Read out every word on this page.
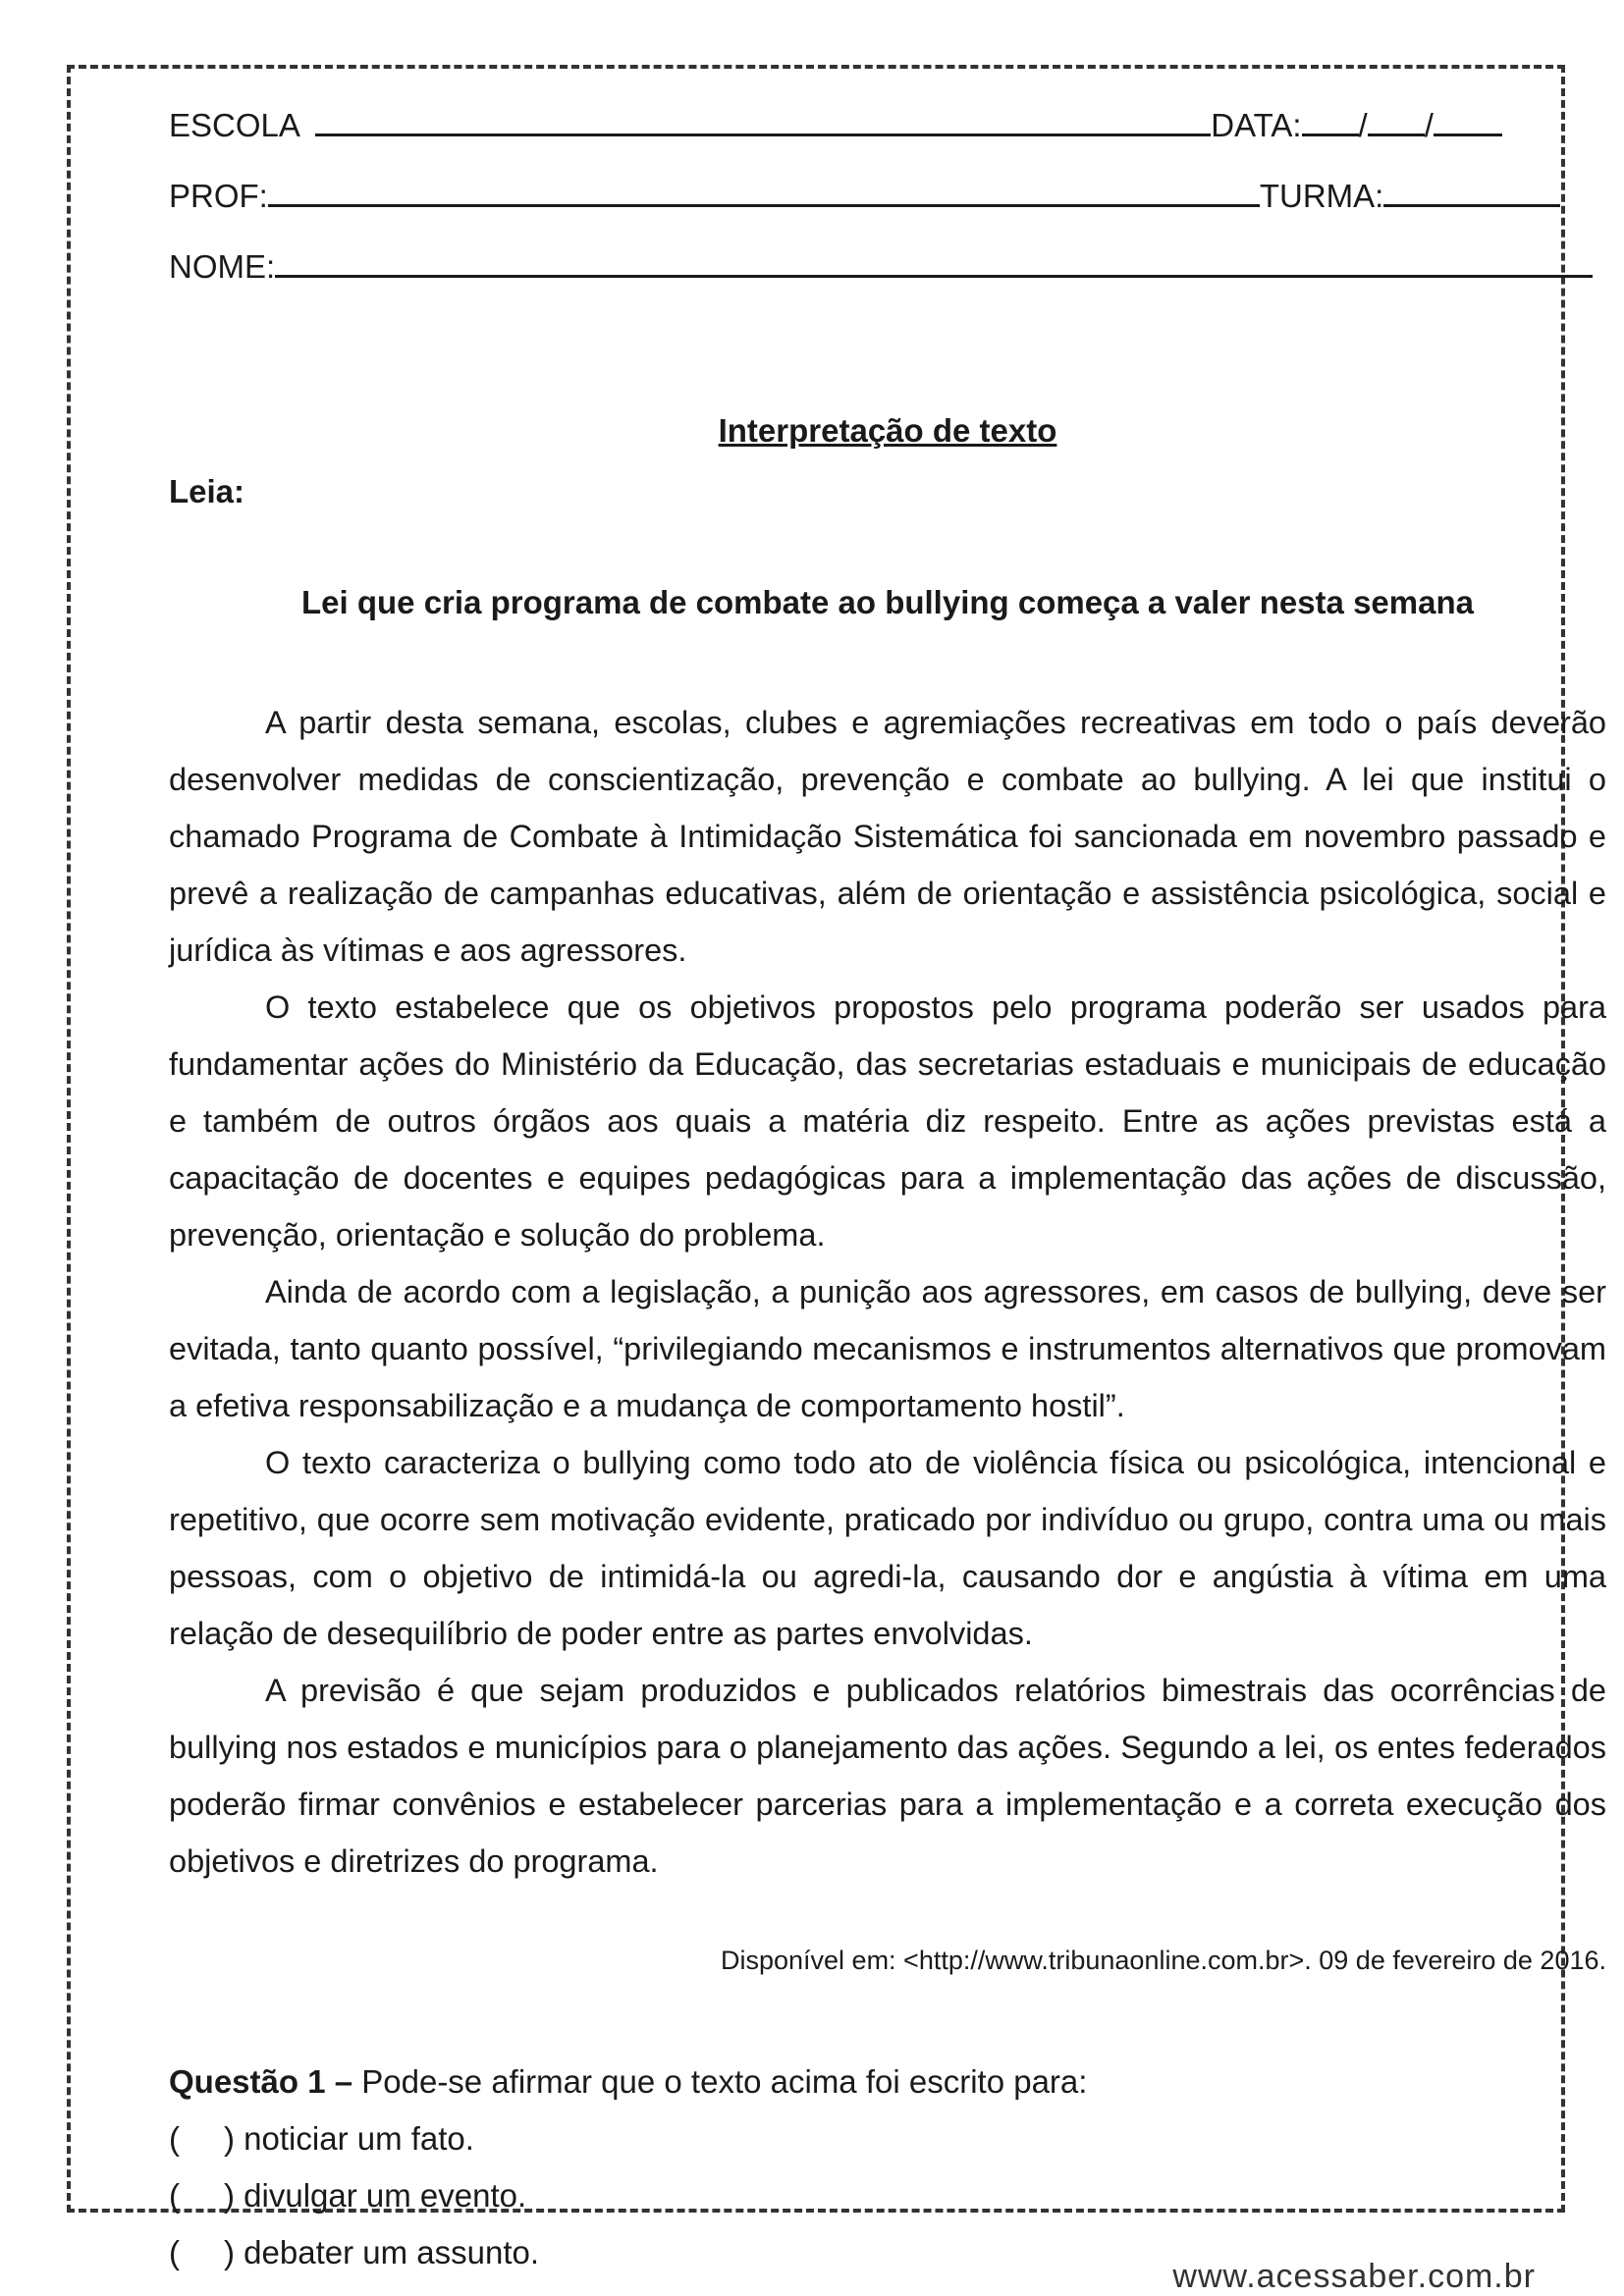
ESCOLA	DATA: / /
PROF:	TURMA:
NOME:
Interpretação de texto
Leia:
Lei que cria programa de combate ao bullying começa a valer nesta semana

A partir desta semana, escolas, clubes e agremiações recreativas em todo o país deverão desenvolver medidas de conscientização, prevenção e combate ao bullying. A lei que institui o chamado Programa de Combate à Intimidação Sistemática foi sancionada em novembro passado e prevê a realização de campanhas educativas, além de orientação e assistência psicológica, social e jurídica às vítimas e aos agressores.

O texto estabelece que os objetivos propostos pelo programa poderão ser usados para fundamentar ações do Ministério da Educação, das secretarias estaduais e municipais de educação e também de outros órgãos aos quais a matéria diz respeito. Entre as ações previstas está a capacitação de docentes e equipes pedagógicas para a implementação das ações de discussão, prevenção, orientação e solução do problema.

Ainda de acordo com a legislação, a punição aos agressores, em casos de bullying, deve ser evitada, tanto quanto possível, “privilegiando mecanismos e instrumentos alternativos que promovam a efetiva responsabilização e a mudança de comportamento hostil”.

O texto caracteriza o bullying como todo ato de violência física ou psicológica, intencional e repetitivo, que ocorre sem motivação evidente, praticado por indivíduo ou grupo, contra uma ou mais pessoas, com o objetivo de intimidá-la ou agredi-la, causando dor e angústia à vítima em uma relação de desequilíbrio de poder entre as partes envolvidas.

A previsão é que sejam produzidos e publicados relatórios bimestrais das ocorrências de bullying nos estados e municípios para o planejamento das ações. Segundo a lei, os entes federados poderão firmar convênios e estabelecer parcerias para a implementação e a correta execução dos objetivos e diretrizes do programa.

Disponível em: <http://www.tribunaonline.com.br>. 09 de fevereiro de 2016.
Questão 1 – Pode-se afirmar que o texto acima foi escrito para:
( ) noticiar um fato.
( ) divulgar um evento.
( ) debater um assunto.
www.acessaber.com.br
